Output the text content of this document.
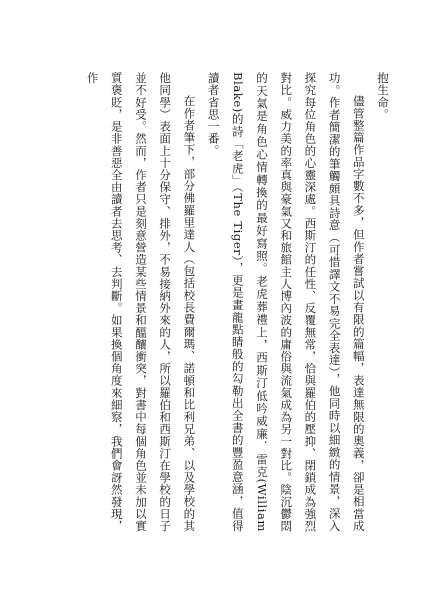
抱生命。

儘管整篇作品字數不多，但作者嘗試以有限的篇幅，表達無限的奧義，卻是相當成功。作者簡潔的筆觸頗具詩意（可惜譯文不易完全表達），他同時以細緻的情景，深入探究每位角色的心靈深處。西斯汀的任性、反覆無常，恰與羅伯的壓抑、閉鎖成為強烈對比。威力美的率真與豪氣又和旅館主人博內波的庸俗與流氣成為另一對比。陰沉鬱悶的天氣是角色心情轉換的最好寫照。老虎葬禮上，西斯汀低吟威廉．雷克(William Blake)的詩「老虎」（The Tiger），更是畫龍點睛般的勾勒出全書的豐盈意涵，值得讀者省思一番。

在作者筆下，部分佛羅里達人（包括校長費爾瑪、諾頓和比利兄弟、以及學校的其他同學）表面上十分保守、排外，不易接納外來的人，所以羅伯和西斯汀在學校的日子並不好受。然而，作者只是刻意營造某些情景和醞釀衝突，對書中每個角色並未加以實質褒貶，是非善惡全由讀者去思考、去判斷。如果換個角度來細察，我們會訝然發現，作
